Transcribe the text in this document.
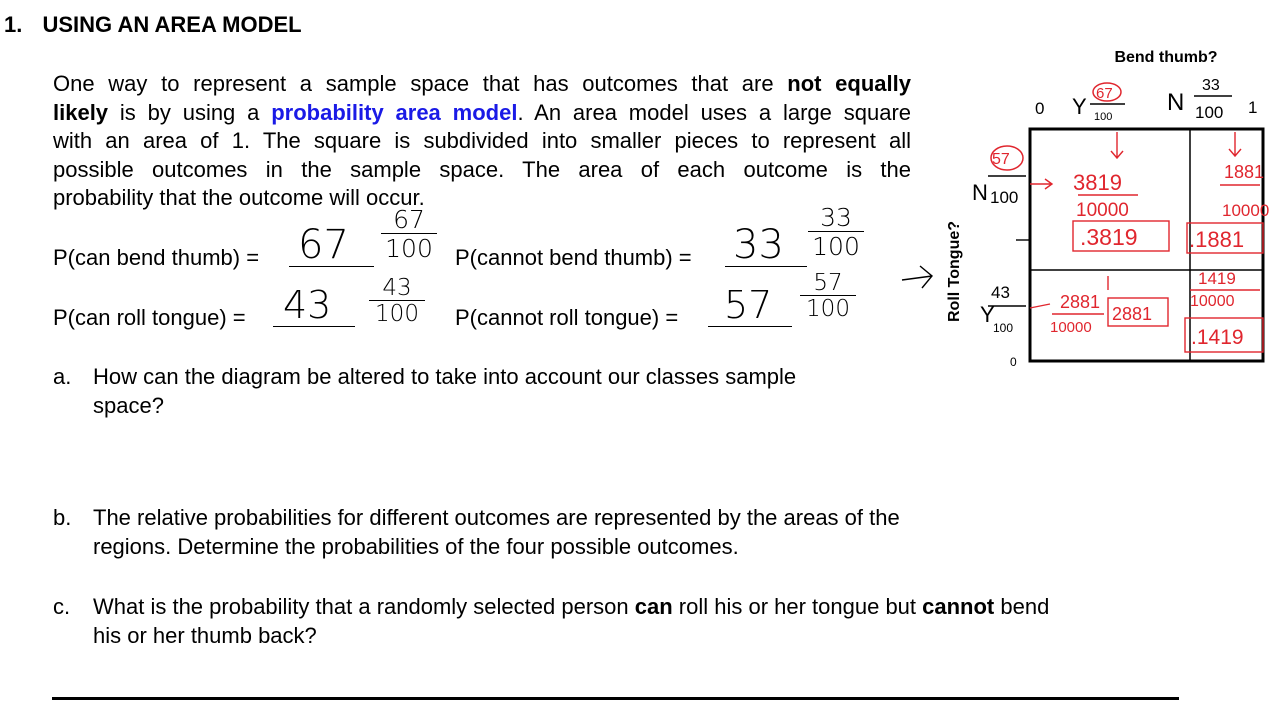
1. USING AN AREA MODEL
One way to represent a sample space that has outcomes that are not equally
likely is by using a probability area model. An area model uses a large square
with an area of 1. The square is subdivided into smaller pieces to represent all
possible outcomes in the sample space. The area of each outcome is the
probability that the outcome will occur.
P(can bend thumb) = 67
67
100 P(cannot bend thumb) = 33
33
100
P(can roll tongue) = 43	43
100 P(cannot roll tongue) = 57	57
100
a. How can the diagram be altered to take into account our classes sample
space?
b. The relative probabilities for different outcomes are represented by the areas of the
regions. Determine the probabilities of the four possible outcomes.
c. What is the probability that a randomly selected person can roll his or her tongue but cannot bend
his or her thumb back?
Bend thumb?
Roll Tongue?
0 Y
67
100
N
33
100 1
N
57
100
Y
43
100
0
3819
10000
.3819
1881
10000
.1881
2881
10000
2881
1419
10000
.1419
